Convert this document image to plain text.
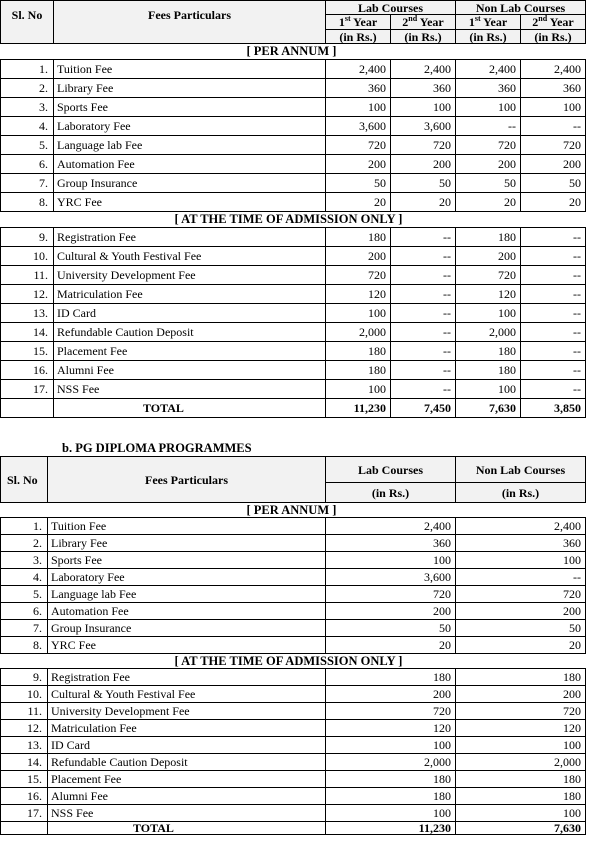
Sl. No	Fees Particulars	Lab Courses		Non Lab Courses	
		1st Year	2nd Year	1st Year	2nd Year
		(in Rs.)	(in Rs.)	(in Rs.)	(in Rs.)
[ PER ANNUM ]					
1.	Tuition Fee	2,400	2,400	2,400	2,400
2.	Library Fee	360	360	360	360
3.	Sports Fee	100	100	100	100
4.	Laboratory Fee	3,600	3,600	--	--
5.	Language lab Fee	720	720	720	720
6.	Automation Fee	200	200	200	200
7.	Group Insurance	50	50	50	50
8.	YRC Fee	20	20	20	20
[ AT THE TIME OF ADMISSION ONLY ]					
9.	Registration Fee	180	--	180	--
10.	Cultural & Youth Festival Fee	200	--	200	--
11.	University Development Fee	720	--	720	--
12.	Matriculation Fee	120	--	120	--
13.	ID Card	100	--	100	--
14.	Refundable Caution Deposit	2,000	--	2,000	--
15.	Placement Fee	180	--	180	--
16.	Alumni Fee	180	--	180	--
17.	NSS Fee	100	--	100	--
	TOTAL	11,230	7,450	7,630	3,850
b. PG DIPLOMA PROGRAMMES
Sl. No	Fees Particulars	Lab Courses	Non Lab Courses
		(in Rs.)	(in Rs.)
[ PER ANNUM ]			
1.	Tuition Fee	2,400	2,400
2.	Library Fee	360	360
3.	Sports Fee	100	100
4.	Laboratory Fee	3,600	--
5.	Language lab Fee	720	720
6.	Automation Fee	200	200
7.	Group Insurance	50	50
8.	YRC Fee	20	20
[ AT THE TIME OF ADMISSION ONLY ]			
9.	Registration Fee	180	180
10.	Cultural & Youth Festival Fee	200	200
11.	University Development Fee	720	720
12.	Matriculation Fee	120	120
13.	ID Card	100	100
14.	Refundable Caution Deposit	2,000	2,000
15.	Placement Fee	180	180
16.	Alumni Fee	180	180
17.	NSS Fee	100	100
	TOTAL	11,230	7,630
